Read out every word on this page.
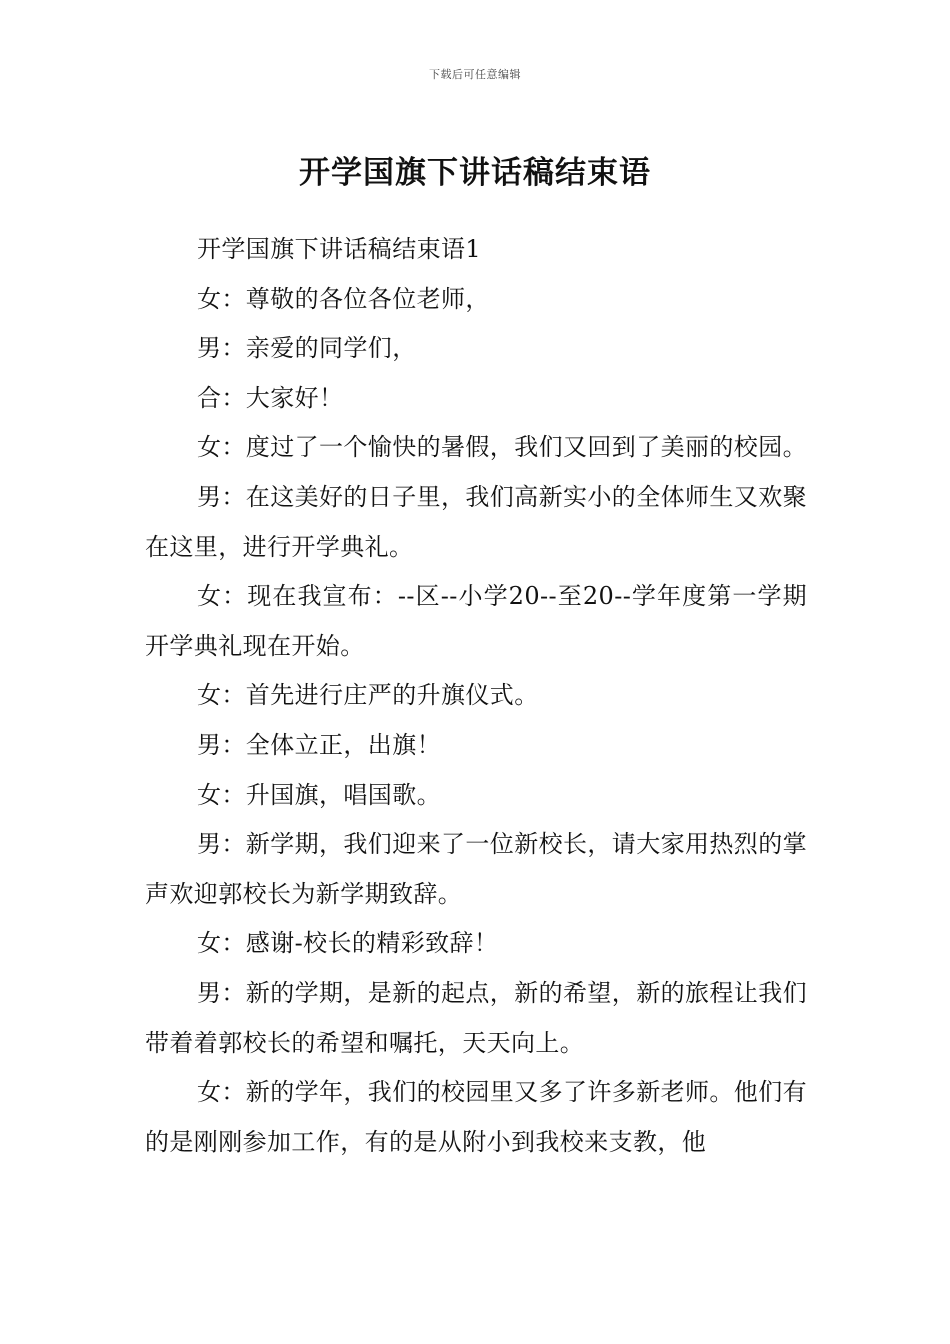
下载后可任意编辑
开学国旗下讲话稿结束语

开学国旗下讲话稿结束语1

女：尊敬的各位各位老师，

男：亲爱的同学们，

合：大家好！

女：度过了一个愉快的暑假，我们又回到了美丽的校园。

男：在这美好的日子里，我们高新实小的全体师生又欢聚在这里，进行开学典礼。

女：现在我宣布：--区--小学20--至20--学年度第一学期开学典礼现在开始。

女：首先进行庄严的升旗仪式。

男：全体立正，出旗！

女：升国旗，唱国歌。

男：新学期，我们迎来了一位新校长，请大家用热烈的掌声欢迎郭校长为新学期致辞。

女：感谢-校长的精彩致辞！

男：新的学期，是新的起点，新的希望，新的旅程让我们带着着郭校长的希望和嘱托，天天向上。

女：新的学年，我们的校园里又多了许多新老师。他们有的是刚刚参加工作，有的是从附小到我校来支教，他
